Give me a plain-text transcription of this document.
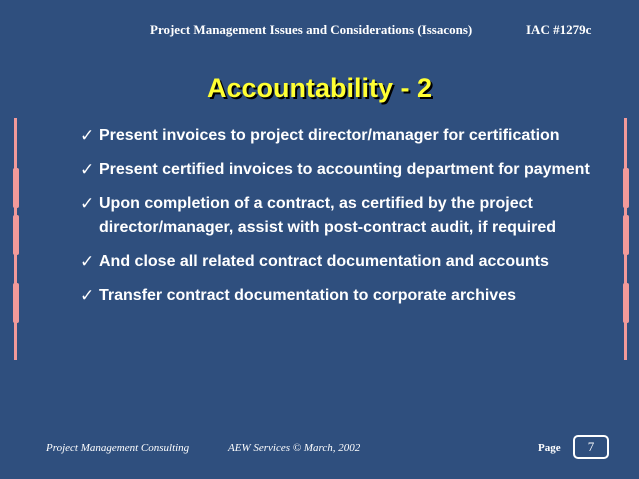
Project Management Issues and Considerations (Issacons)	IAC #1279c
Accountability - 2
✓ Present invoices to project director/manager for certification
✓ Present certified invoices to accounting department for payment
✓ Upon completion of a contract, as certified by the project director/manager, assist with post-contract audit, if required
✓ And close all related contract documentation and accounts
✓ Transfer contract documentation to corporate archives
Project Management Consulting	AEW Services © March, 2002	Page	7
